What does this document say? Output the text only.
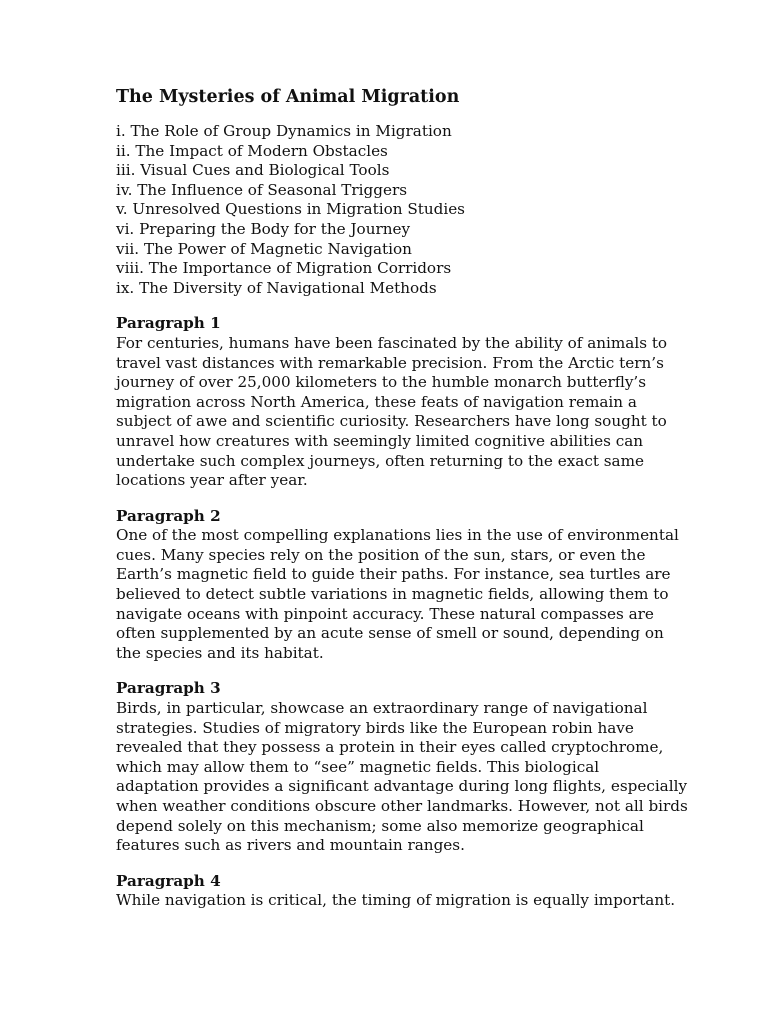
The Mysteries of Animal Migration
i. The Role of Group Dynamics in Migration
ii. The Impact of Modern Obstacles
iii. Visual Cues and Biological Tools
iv. The Influence of Seasonal Triggers
v. Unresolved Questions in Migration Studies
vi. Preparing the Body for the Journey
vii. The Power of Magnetic Navigation
viii. The Importance of Migration Corridors
ix. The Diversity of Navigational Methods

Paragraph 1

For centuries, humans have been fascinated by the ability of animals to
travel vast distances with remarkable precision. From the Arctic tern’s
journey of over 25,000 kilometers to the humble monarch butterfly’s
migration across North America, these feats of navigation remain a
subject of awe and scientific curiosity. Researchers have long sought to
unravel how creatures with seemingly limited cognitive abilities can
undertake such complex journeys, often returning to the exact same
locations year after year.

Paragraph 2

One of the most compelling explanations lies in the use of environmental
cues. Many species rely on the position of the sun, stars, or even the
Earth’s magnetic field to guide their paths. For instance, sea turtles are
believed to detect subtle variations in magnetic fields, allowing them to
navigate oceans with pinpoint accuracy. These natural compasses are
often supplemented by an acute sense of smell or sound, depending on
the species and its habitat.

Paragraph 3

Birds, in particular, showcase an extraordinary range of navigational
strategies. Studies of migratory birds like the European robin have
revealed that they possess a protein in their eyes called cryptochrome,
which may allow them to “see” magnetic fields. This biological
adaptation provides a significant advantage during long flights, especially
when weather conditions obscure other landmarks. However, not all birds
depend solely on this mechanism; some also memorize geographical
features such as rivers and mountain ranges.

Paragraph 4

While navigation is critical, the timing of migration is equally important.
